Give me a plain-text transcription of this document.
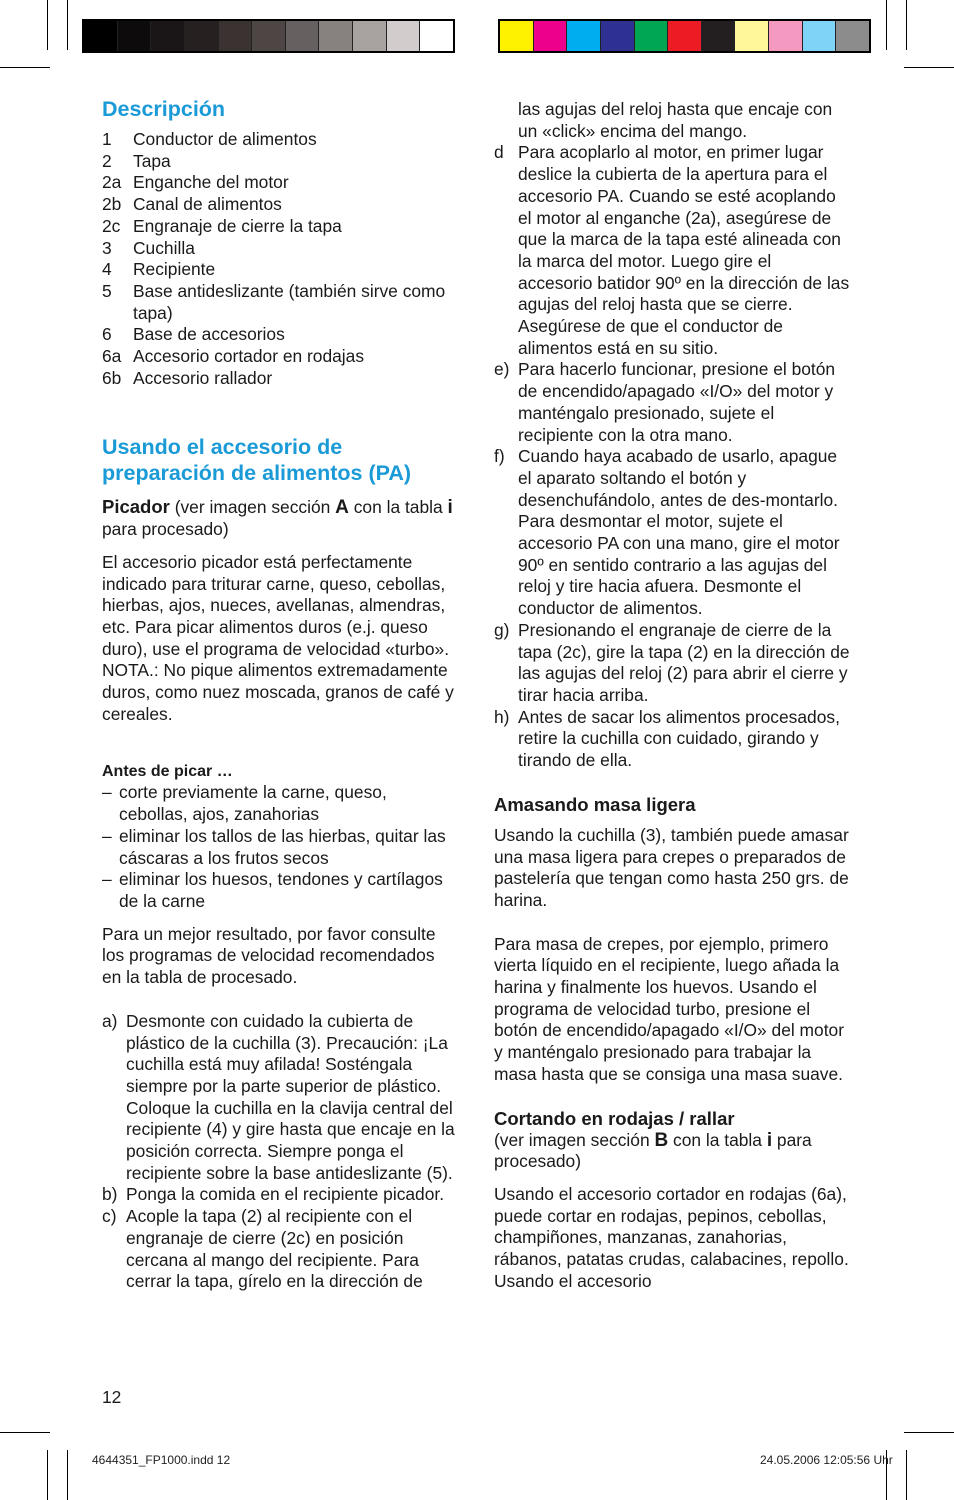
Descripción
1	Conductor de alimentos
2	Tapa
2a Enganche del motor
2b Canal de alimentos
2c Engranaje de cierre la tapa
3	Cuchilla
4	Recipiente
5	Base antideslizante (también sirve como tapa)
6	Base de accesorios
6a Accesorio cortador en rodajas
6b Accesorio rallador
Usando el accesorio de preparación de alimentos (PA)

Picador (ver imagen sección A con la tabla i para procesado)

El accesorio picador está perfectamente indicado para triturar carne, queso, cebollas, hierbas, ajos, nueces, avellanas, almendras, etc. Para picar alimentos duros (e.j. queso duro), use el programa de velocidad «turbo».

NOTA.: No pique alimentos extremadamente duros, como nuez moscada, granos de café y cereales.

Antes de picar …
– corte previamente la carne, queso, cebollas, ajos, zanahorias
– eliminar los tallos de las hierbas, quitar las cáscaras a los frutos secos
– eliminar los huesos, tendones y cartílagos de la carne

Para un mejor resultado, por favor consulte los programas de velocidad recomendados en la tabla de procesado.

a) Desmonte con cuidado la cubierta de plástico de la cuchilla (3). Precaución: ¡La cuchilla está muy afilada! Sosténgala siempre por la parte superior de plástico. Coloque la cuchilla en la clavija central del recipiente (4) y gire hasta que encaje en la posición correcta. Siempre ponga el recipiente sobre la base antideslizante (5).
b) Ponga la comida en el recipiente picador.
c) Acople la tapa (2) al recipiente con el engranaje de cierre (2c) en posición cercana al mango del recipiente. Para cerrar la tapa, gírelo en la dirección de
las agujas del reloj hasta que encaje con un «click» encima del mango.
d Para acoplarlo al motor, en primer lugar deslice la cubierta de la apertura para el accesorio PA. Cuando se esté acoplando el motor al enganche (2a), asegúrese de que la marca de la tapa esté alineada con la marca del motor. Luego gire el accesorio batidor 90º en la dirección de las agujas del reloj hasta que se cierre. Asegúrese de que el conductor de alimentos está en su sitio.
e) Para hacerlo funcionar, presione el botón de encendido/apagado «I/O» del motor y manténgalo presionado, sujete el recipiente con la otra mano.
f) Cuando haya acabado de usarlo, apague el aparato soltando el botón y desenchufándolo, antes de des-montarlo. Para desmontar el motor, sujete el accesorio PA con una mano, gire el motor 90º en sentido contrario a las agujas del reloj y tire hacia afuera. Desmonte el conductor de alimentos.
g) Presionando el engranaje de cierre de la tapa (2c), gire la tapa (2) en la dirección de las agujas del reloj (2) para abrir el cierre y tirar hacia arriba.
h) Antes de sacar los alimentos procesados, retire la cuchilla con cuidado, girando y tirando de ella.
Amasando masa ligera

Usando la cuchilla (3), también puede amasar una masa ligera para crepes o preparados de pastelería que tengan como hasta 250 grs. de harina.

Para masa de crepes, por ejemplo, primero vierta líquido en el recipiente, luego añada la harina y finalmente los huevos. Usando el programa de velocidad turbo, presione el botón de encendido/apagado «I/O» del motor y manténgalo presionado para trabajar la masa hasta que se consiga una masa suave.

Cortando en rodajas / rallar

(ver imagen sección B con la tabla i para procesado)

Usando el accesorio cortador en rodajas (6a), puede cortar en rodajas, pepinos, cebollas, champiñones, manzanas, zanahorias, rábanos, patatas crudas, calabacines, repollo. Usando el accesorio

12
4644351_FP1000.indd 12	24.05.2006 12:05:56 Uhr
